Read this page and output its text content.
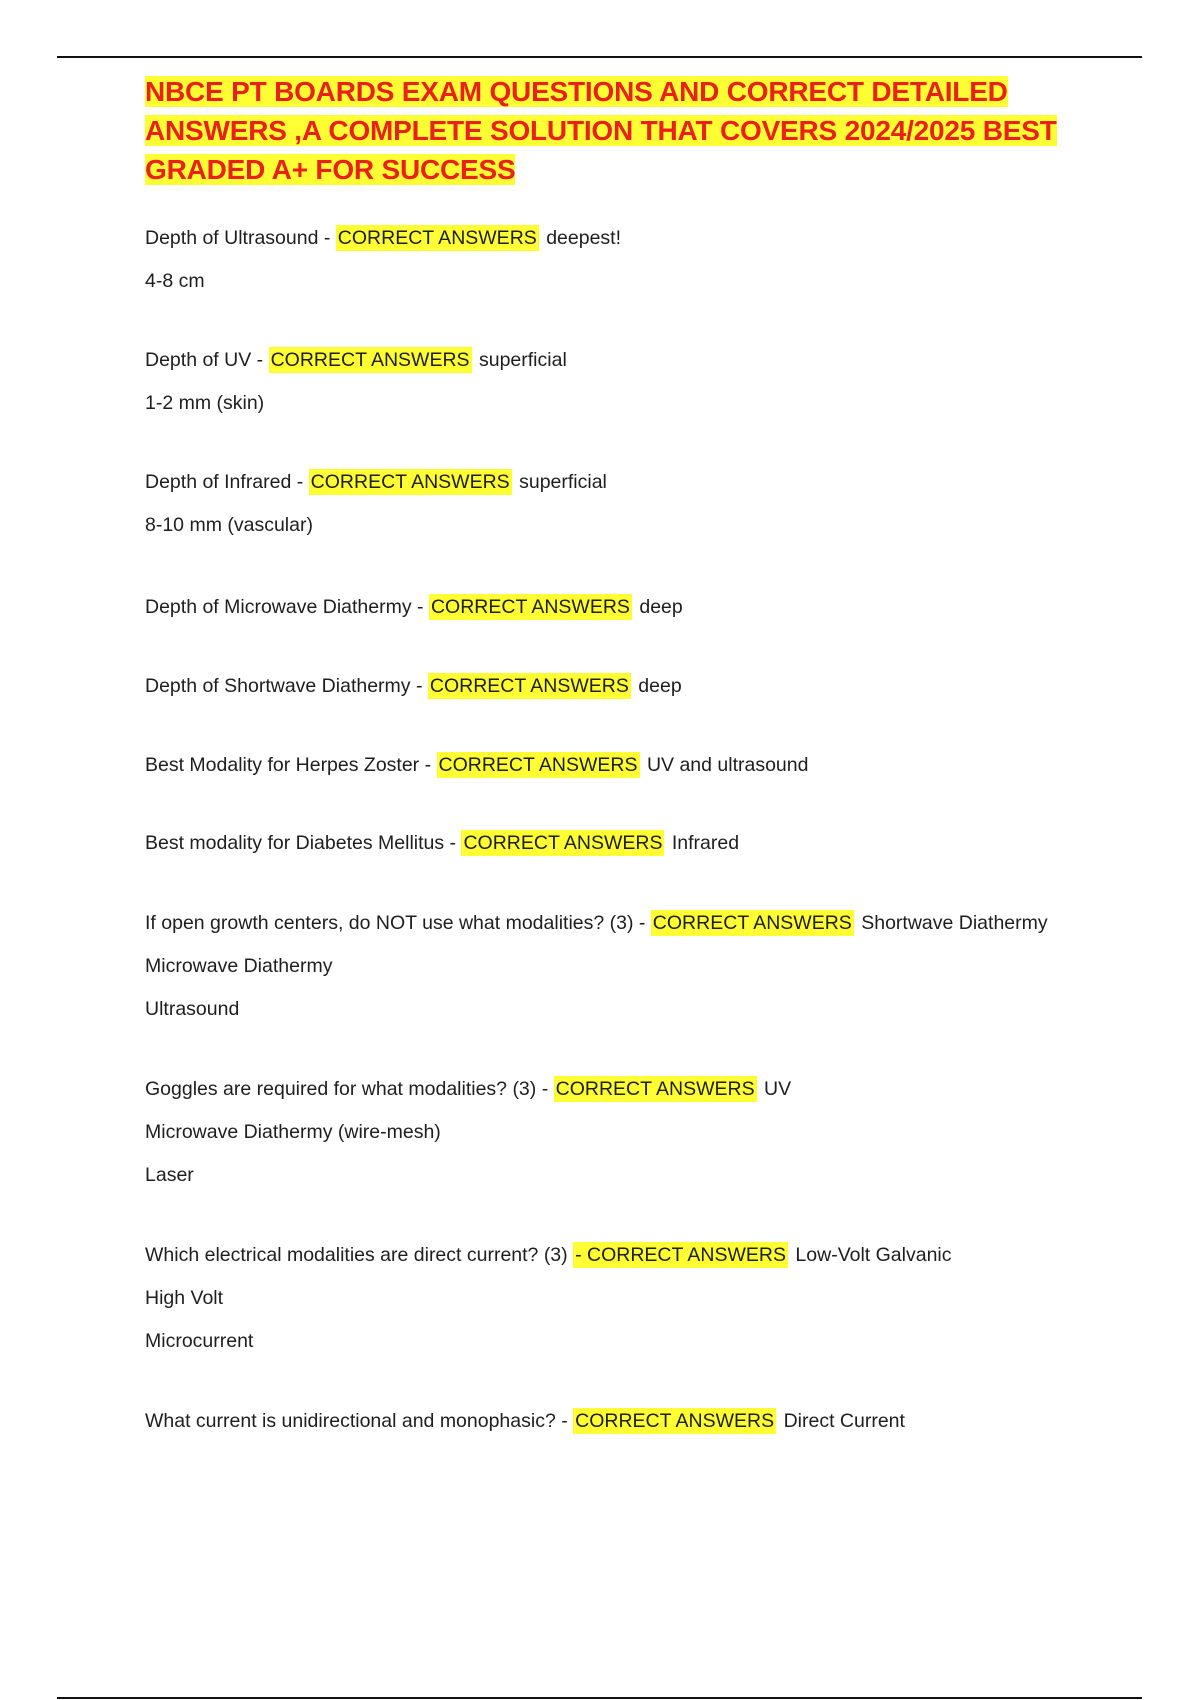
NBCE PT BOARDS EXAM QUESTIONS AND CORRECT DETAILED
ANSWERS ,A COMPLETE SOLUTION THAT COVERS 2024/2025 BEST
GRADED A+ FOR SUCCESS
Depth of Ultrasound - CORRECT ANSWERS deepest!
4-8 cm
Depth of UV - CORRECT ANSWERS superficial
1-2 mm (skin)
Depth of Infrared - CORRECT ANSWERS superficial
8-10 mm (vascular)
Depth of Microwave Diathermy - CORRECT ANSWERS deep
Depth of Shortwave Diathermy - CORRECT ANSWERS deep
Best Modality for Herpes Zoster - CORRECT ANSWERS UV and ultrasound
Best modality for Diabetes Mellitus - CORRECT ANSWERS Infrared
If open growth centers, do NOT use what modalities? (3) - CORRECT ANSWERS Shortwave Diathermy
Microwave Diathermy
Ultrasound
Goggles are required for what modalities? (3) - CORRECT ANSWERS UV
Microwave Diathermy (wire-mesh)
Laser
Which electrical modalities are direct current? (3) - CORRECT ANSWERS Low-Volt Galvanic
High Volt
Microcurrent
What current is unidirectional and monophasic? - CORRECT ANSWERS Direct Current
